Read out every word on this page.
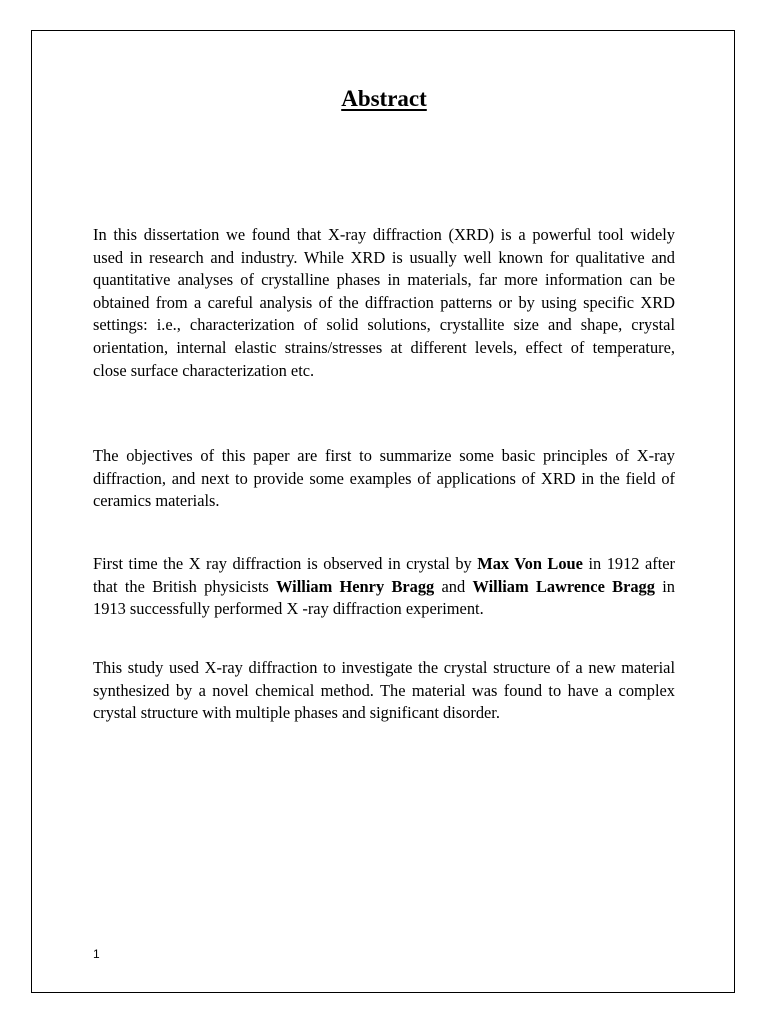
Abstract

In this dissertation we found that X-ray diffraction (XRD) is a powerful tool widely used in research and industry. While XRD is usually well known for qualitative and quantitative analyses of crystalline phases in materials, far more information can be obtained from a careful analysis of the diffraction patterns or by using specific XRD settings: i.e., characterization of solid solutions, crystallite size and shape, crystal orientation, internal elastic strains/stresses at different levels, effect of temperature, close surface characterization etc.

The objectives of this paper are first to summarize some basic principles of X-ray diffraction, and next to provide some examples of applications of XRD in the field of ceramics materials.

First time the X ray diffraction is observed in crystal by Max Von Loue in 1912 after that the British physicists William Henry Bragg and William Lawrence Bragg in 1913 successfully performed X -ray diffraction experiment.

This study used X-ray diffraction to investigate the crystal structure of a new material synthesized by a novel chemical method. The material was found to have a complex crystal structure with multiple phases and significant disorder.

1
